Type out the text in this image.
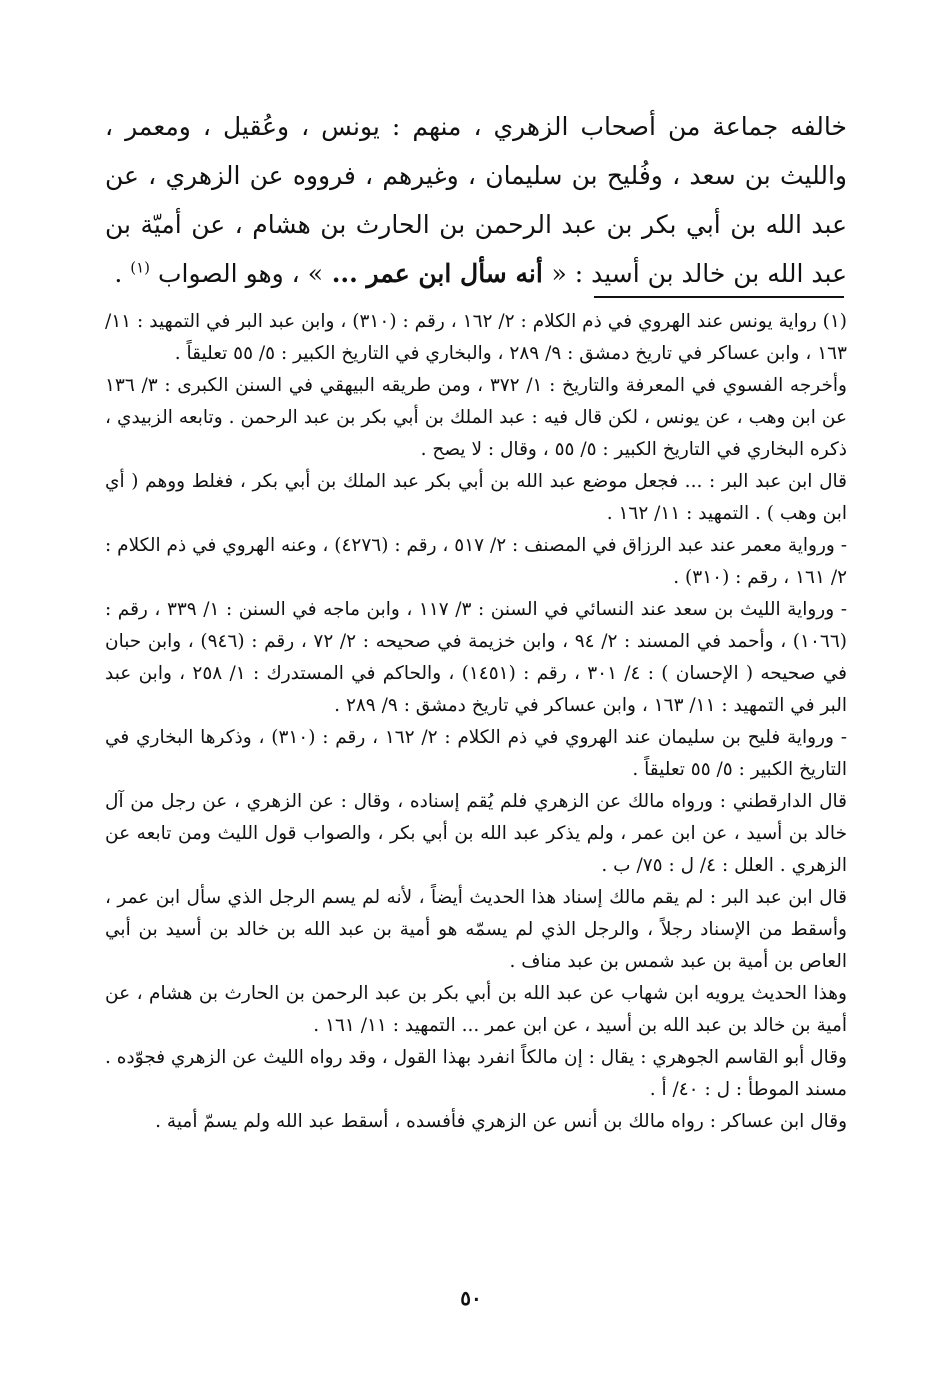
خالفه جماعة من أصحاب الزهري ، منهم : يونس ، وعُقيل ، ومعمر ، والليث بن سعد ، وفُليح بن سليمان ، وغيرهم ، فرووه عن الزهري ، عن عبد الله بن أبي بكر بن عبد الرحمن بن الحارث بن هشام ، عن أميّة بن عبد الله بن خالد بن أسيد : « أنه سأل ابن عمر ... » ، وهو الصواب $^{(١)}$ .

(١) رواية يونس عند الهروي في ذم الكلام : ٢/ ١٦٢ ، رقم : (٣١٠) ، وابن عبد البر في التمهيد : ١١/ ١٦٣ ، وابن عساكر في تاريخ دمشق : ٩/ ٢٨٩ ، والبخاري في التاريخ الكبير : ٥/ ٥٥ تعليقاً .

وأخرجه الفسوي في المعرفة والتاريخ : ١/ ٣٧٢ ، ومن طريقه البيهقي في السنن الكبرى : ٣/ ١٣٦ عن ابن وهب ، عن يونس ، لكن قال فيه : عبد الملك بن أبي بكر بن عبد الرحمن . وتابعه الزبيدي ، ذكره البخاري في التاريخ الكبير : ٥/ ٥٥ ، وقال : لا يصح .

قال ابن عبد البر : ... فجعل موضع عبد الله بن أبي بكر عبد الملك بن أبي بكر ، فغلط ووهم ( أي ابن وهب ) . التمهيد : ١١/ ١٦٢ .

- ورواية معمر عند عبد الرزاق في المصنف : ٢/ ٥١٧ ، رقم : (٤٢٧٦) ، وعنه الهروي في ذم الكلام : ٢/ ١٦١ ، رقم : (٣١٠) .

- ورواية الليث بن سعد عند النسائي في السنن : ٣/ ١١٧ ، وابن ماجه في السنن : ١/ ٣٣٩ ، رقم : (١٠٦٦) ، وأحمد في المسند : ٢/ ٩٤ ، وابن خزيمة في صحيحه : ٢/ ٧٢ ، رقم : (٩٤٦) ، وابن حبان في صحيحه ( الإحسان ) : ٤/ ٣٠١ ، رقم : (١٤٥١) ، والحاكم في المستدرك : ١/ ٢٥٨ ، وابن عبد البر في التمهيد : ١١/ ١٦٣ ، وابن عساكر في تاريخ دمشق : ٩/ ٢٨٩ .

- ورواية فليح بن سليمان عند الهروي في ذم الكلام : ٢/ ١٦٢ ، رقم : (٣١٠) ، وذكرها البخاري في التاريخ الكبير : ٥/ ٥٥ تعليقاً .

قال الدارقطني : ورواه مالك عن الزهري فلم يُقم إسناده ، وقال : عن الزهري ، عن رجل من آل خالد بن أسيد ، عن ابن عمر ، ولم يذكر عبد الله بن أبي بكر ، والصواب قول الليث ومن تابعه عن الزهري . العلل : ٤/ ل : ٧٥/ ب .

قال ابن عبد البر : لم يقم مالك إسناد هذا الحديث أيضاً ، لأنه لم يسم الرجل الذي سأل ابن عمر ، وأسقط من الإسناد رجلاً ، والرجل الذي لم يسمّه هو أمية بن عبد الله بن خالد بن أسيد بن أبي العاص بن أمية بن عبد شمس بن عبد مناف .

وهذا الحديث يرويه ابن شهاب عن عبد الله بن أبي بكر بن عبد الرحمن بن الحارث بن هشام ، عن أمية بن خالد بن عبد الله بن أسيد ، عن ابن عمر ... التمهيد : ١١/ ١٦١ .

وقال أبو القاسم الجوهري : يقال : إن مالكاً انفرد بهذا القول ، وقد رواه الليث عن الزهري فجوّده . مسند الموطأ : ل : ٤٠/ أ .

وقال ابن عساكر : رواه مالك بن أنس عن الزهري فأفسده ، أسقط عبد الله ولم يسمّ أمية .

٥٠
